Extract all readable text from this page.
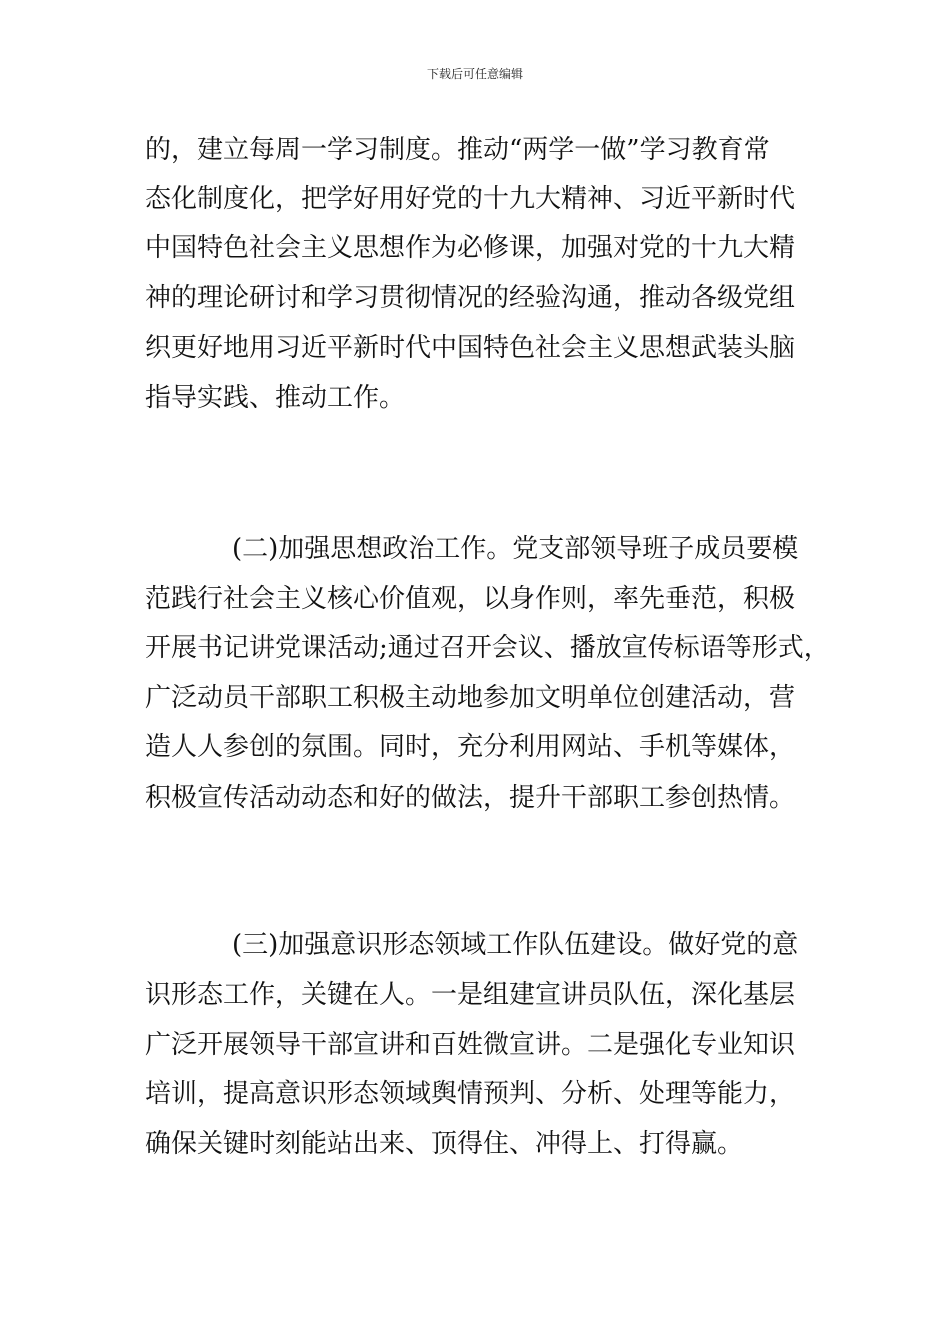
下载后可任意编辑
的，建立每周一学习制度。推动“两学一做”学习教育常
态化制度化，把学好用好党的十九大精神、习近平新时代
中国特色社会主义思想作为必修课，加强对党的十九大精
神的理论研讨和学习贯彻情况的经验沟通，推动各级党组
织更好地用习近平新时代中国特色社会主义思想武装头脑
指导实践、推动工作。
(二)加强思想政治工作。党支部领导班子成员要模
范践行社会主义核心价值观，以身作则，率先垂范，积极
开展书记讲党课活动;通过召开会议、播放宣传标语等形式，
广泛动员干部职工积极主动地参加文明单位创建活动，营
造人人参创的氛围。同时，充分利用网站、手机等媒体，
积极宣传活动动态和好的做法，提升干部职工参创热情。
(三)加强意识形态领域工作队伍建设。做好党的意
识形态工作，关键在人。一是组建宣讲员队伍，深化基层
广泛开展领导干部宣讲和百姓微宣讲。二是强化专业知识
培训，提高意识形态领域舆情预判、分析、处理等能力，
确保关键时刻能站出来、顶得住、冲得上、打得赢。
